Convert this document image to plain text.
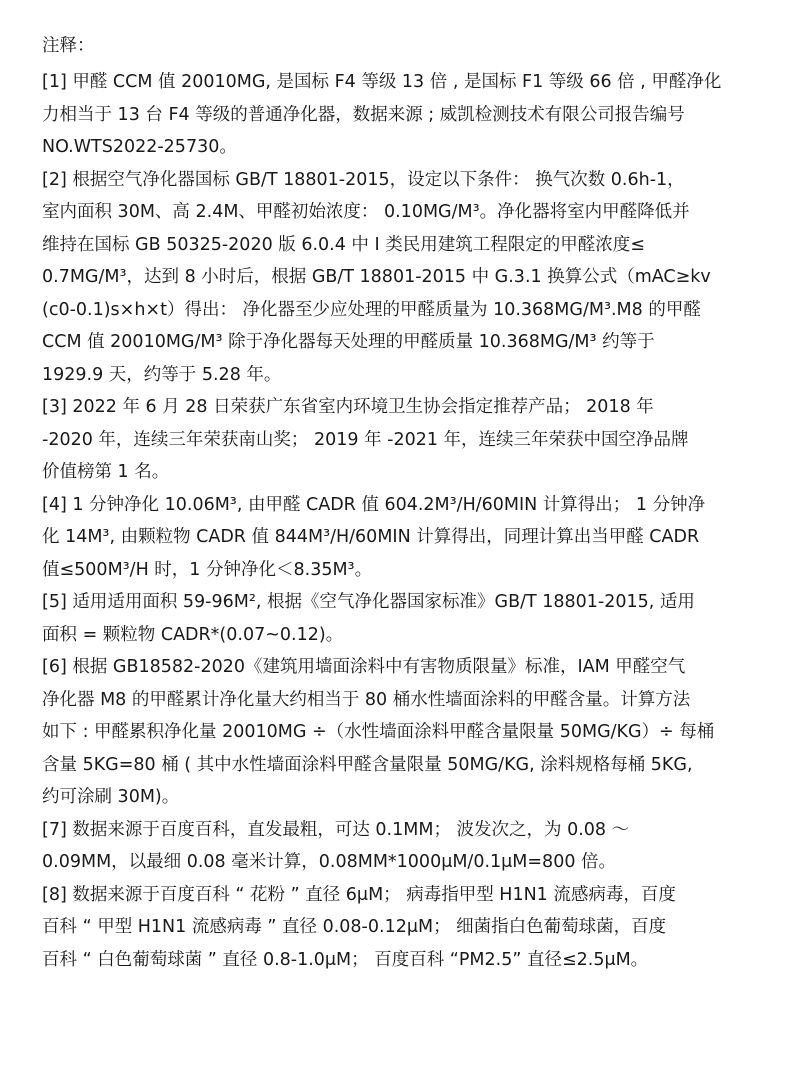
注释：
[1] 甲醛 CCM 值 20010MG, 是国标 F4 等级 13 倍 , 是国标 F1 等级 66 倍 , 甲醛净化
力相当于 13 台 F4 等级的普通净化器，数据来源 ; 威凯检测技术有限公司报告编号
NO.WTS2022-25730。
[2] 根据空气净化器国标 GB/T 18801-2015，设定以下条件： 换气次数 0.6h-1，
室内面积 30M、高 2.4M、甲醛初始浓度： 0.10MG/M³。净化器将室内甲醛降低并
维持在国标 GB 50325-2020 版 6.0.4 中 I 类民用建筑工程限定的甲醛浓度≤
0.7MG/M³，达到 8 小时后，根据 GB/T 18801-2015 中 G.3.1 换算公式（mAC≥kv
(c0-0.1)s×h×t）得出： 净化器至少应处理的甲醛质量为 10.368MG/M³.M8 的甲醛
CCM 值 20010MG/M³ 除于净化器每天处理的甲醛质量 10.368MG/M³ 约等于
1929.9 天，约等于 5.28 年。
[3] 2022 年 6 月 28 日荣获广东省室内环境卫生协会指定推荐产品； 2018 年
-2020 年，连续三年荣获南山奖； 2019 年 -2021 年，连续三年荣获中国空净品牌
价值榜第 1 名。
[4] 1 分钟净化 10.06M³, 由甲醛 CADR 值 604.2M³/H/60MIN 计算得出； 1 分钟净
化 14M³, 由颗粒物 CADR 值 844M³/H/60MIN 计算得出，同理计算出当甲醛 CADR
值≤500M³/H 时，1 分钟净化＜8.35M³。
[5] 适用适用面积 59-96M², 根据《空气净化器国家标准》GB/T 18801-2015, 适用
面积 = 颗粒物 CADR*(0.07~0.12)。
[6] 根据 GB18582-2020《建筑用墙面涂料中有害物质限量》标准，IAM 甲醛空气
净化器 M8 的甲醛累计净化量大约相当于 80 桶水性墙面涂料的甲醛含量。计算方法
如下 : 甲醛累积净化量 20010MG ÷（水性墙面涂料甲醛含量限量 50MG/KG）÷ 每桶
含量 5KG=80 桶 ( 其中水性墙面涂料甲醛含量限量 50MG/KG, 涂料规格每桶 5KG,
约可涂刷 30M)。
[7] 数据来源于百度百科，直发最粗，可达 0.1MM； 波发次之，为 0.08 ～
0.09MM，以最细 0.08 毫米计算，0.08MM*1000μM/0.1μM=800 倍。
[8] 数据来源于百度百科 “ 花粉 ” 直径 6μM； 病毒指甲型 H1N1 流感病毒，百度
百科 “ 甲型 H1N1 流感病毒 ” 直径 0.08-0.12μM； 细菌指白色葡萄球菌，百度
百科 “ 白色葡萄球菌 ” 直径 0.8-1.0μM； 百度百科 “PM2.5” 直径≤2.5μM。
